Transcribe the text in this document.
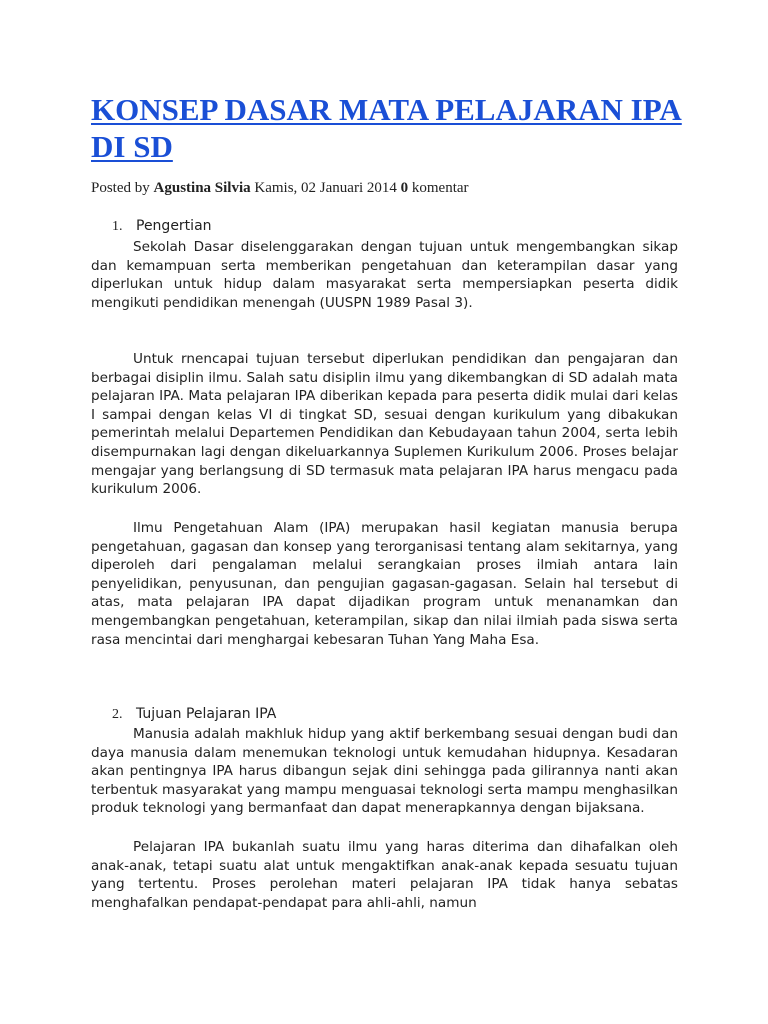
KONSEP DASAR MATA PELAJARAN IPA DI SD
Posted by Agustina Silvia Kamis, 02 Januari 2014 0 komentar
1. Pengertian

Sekolah Dasar diselenggarakan dengan tujuan untuk mengembangkan sikap dan kemampuan serta memberikan pengetahuan dan keterampilan dasar yang diperlukan untuk hidup dalam masyarakat serta mempersiapkan peserta didik mengikuti pendidikan menengah (UUSPN 1989 Pasal 3).

Untuk rnencapai tujuan tersebut diperlukan pendidikan dan pengajaran dan berbagai disiplin ilmu. Salah satu disiplin ilmu yang dikembangkan di SD adalah mata pelajaran IPA. Mata pelajaran IPA diberikan kepada para peserta didik mulai dari kelas I sampai dengan kelas VI di tingkat SD, sesuai dengan kurikulum yang dibakukan pemerintah melalui Departemen Pendidikan dan Kebudayaan tahun 2004, serta lebih disempurnakan lagi dengan dikeluarkannya Suplemen Kurikulum 2006. Proses belajar mengajar yang berlangsung di SD termasuk mata pelajaran IPA harus mengacu pada kurikulum 2006.

Ilmu Pengetahuan Alam (IPA) merupakan hasil kegiatan manusia berupa pengetahuan, gagasan dan konsep yang terorganisasi tentang alam sekitarnya, yang diperoleh dari pengalaman melalui serangkaian proses ilmiah antara lain penyelidikan, penyusunan, dan pengujian gagasan-gagasan. Selain hal tersebut di atas, mata pelajaran IPA dapat dijadikan program untuk menanamkan dan mengembangkan pengetahuan, keterampilan, sikap dan nilai ilmiah pada siswa serta rasa mencintai dari menghargai kebesaran Tuhan Yang Maha Esa.

2. Tujuan Pelajaran IPA

Manusia adalah makhluk hidup yang aktif berkembang sesuai dengan budi dan daya manusia dalam menemukan teknologi untuk kemudahan hidupnya. Kesadaran akan pentingnya IPA harus dibangun sejak dini sehingga pada gilirannya nanti akan terbentuk masyarakat yang mampu menguasai teknologi serta mampu menghasilkan produk teknologi yang bermanfaat dan dapat menerapkannya dengan bijaksana.

Pelajaran IPA bukanlah suatu ilmu yang haras diterima dan dihafalkan oleh anak-anak, tetapi suatu alat untuk mengaktifkan anak-anak kepada sesuatu tujuan yang tertentu. Proses perolehan materi pelajaran IPA tidak hanya sebatas menghafalkan pendapat-pendapat para ahli-ahli, namun
